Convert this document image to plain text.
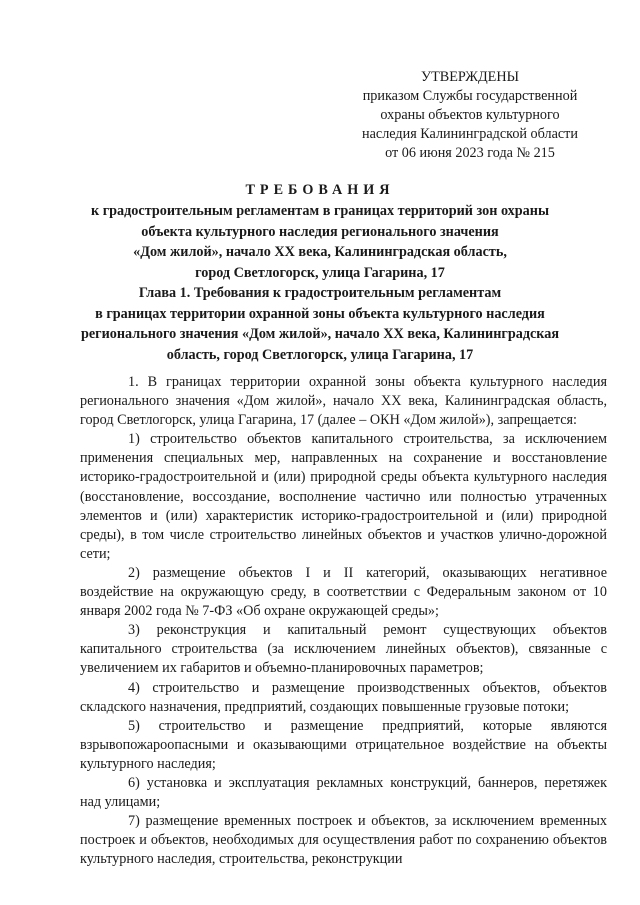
УТВЕРЖДЕНЫ
приказом Службы государственной
охраны объектов культурного
наследия Калининградской области
от 06 июня 2023 года № 215
ТРЕБОВАНИЯ
к градостроительным регламентам в границах территорий зон охраны
объекта культурного наследия регионального значения
«Дом жилой», начало XX века, Калининградская область,
город Светлогорск, улица Гагарина, 17
Глава 1. Требования к градостроительным регламентам
в границах территории охранной зоны объекта культурного наследия
регионального значения «Дом жилой», начало XX века, Калининградская
область, город Светлогорск, улица Гагарина, 17

1. В границах территории охранной зоны объекта культурного наследия регионального значения «Дом жилой», начало XX века, Калининградская область, город Светлогорск, улица Гагарина, 17 (далее – ОКН «Дом жилой»), запрещается:

1) строительство объектов капитального строительства, за исключением применения специальных мер, направленных на сохранение и восстановление историко-градостроительной и (или) природной среды объекта культурного наследия (восстановление, воссоздание, восполнение частично или полностью утраченных элементов и (или) характеристик историко-градостроительной и (или) природной среды), в том числе строительство линейных объектов и участков улично-дорожной сети;

2) размещение объектов I и II категорий, оказывающих негативное воздействие на окружающую среду, в соответствии с Федеральным законом от 10 января 2002 года № 7-ФЗ «Об охране окружающей среды»;

3) реконструкция и капитальный ремонт существующих объектов капитального строительства (за исключением линейных объектов), связанные с увеличением их габаритов и объемно-планировочных параметров;

4) строительство и размещение производственных объектов, объектов складского назначения, предприятий, создающих повышенные грузовые потоки;

5) строительство и размещение предприятий, которые являются взрывопожароопасными и оказывающими отрицательное воздействие на объекты культурного наследия;

6) установка и эксплуатация рекламных конструкций, баннеров, перетяжек над улицами;

7) размещение временных построек и объектов, за исключением временных построек и объектов, необходимых для осуществления работ по сохранению объектов культурного наследия, строительства, реконструкции
